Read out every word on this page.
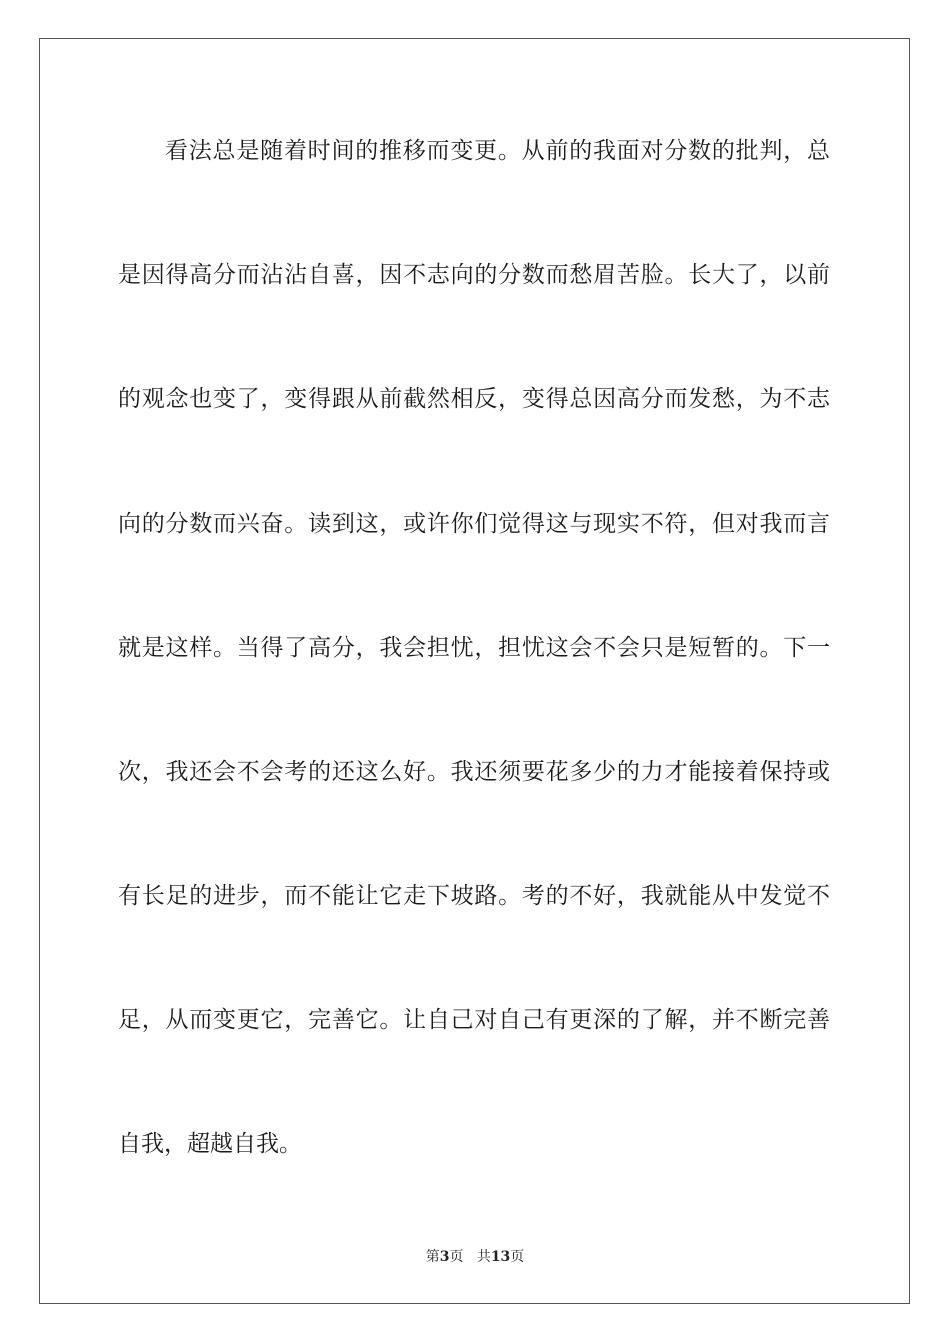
看法总是随着时间的推移而变更。从前的我面对分数的批判，总
是因得高分而沾沾自喜，因不志向的分数而愁眉苦脸。长大了，以前
的观念也变了，变得跟从前截然相反，变得总因高分而发愁，为不志
向的分数而兴奋。读到这，或许你们觉得这与现实不符，但对我而言
就是这样。当得了高分，我会担忧，担忧这会不会只是短暂的。下一
次，我还会不会考的还这么好。我还须要花多少的力才能接着保持或
有长足的进步，而不能让它走下坡路。考的不好，我就能从中发觉不
足，从而变更它，完善它。让自己对自己有更深的了解，并不断完善
自我，超越自我。
第3页 共13页
